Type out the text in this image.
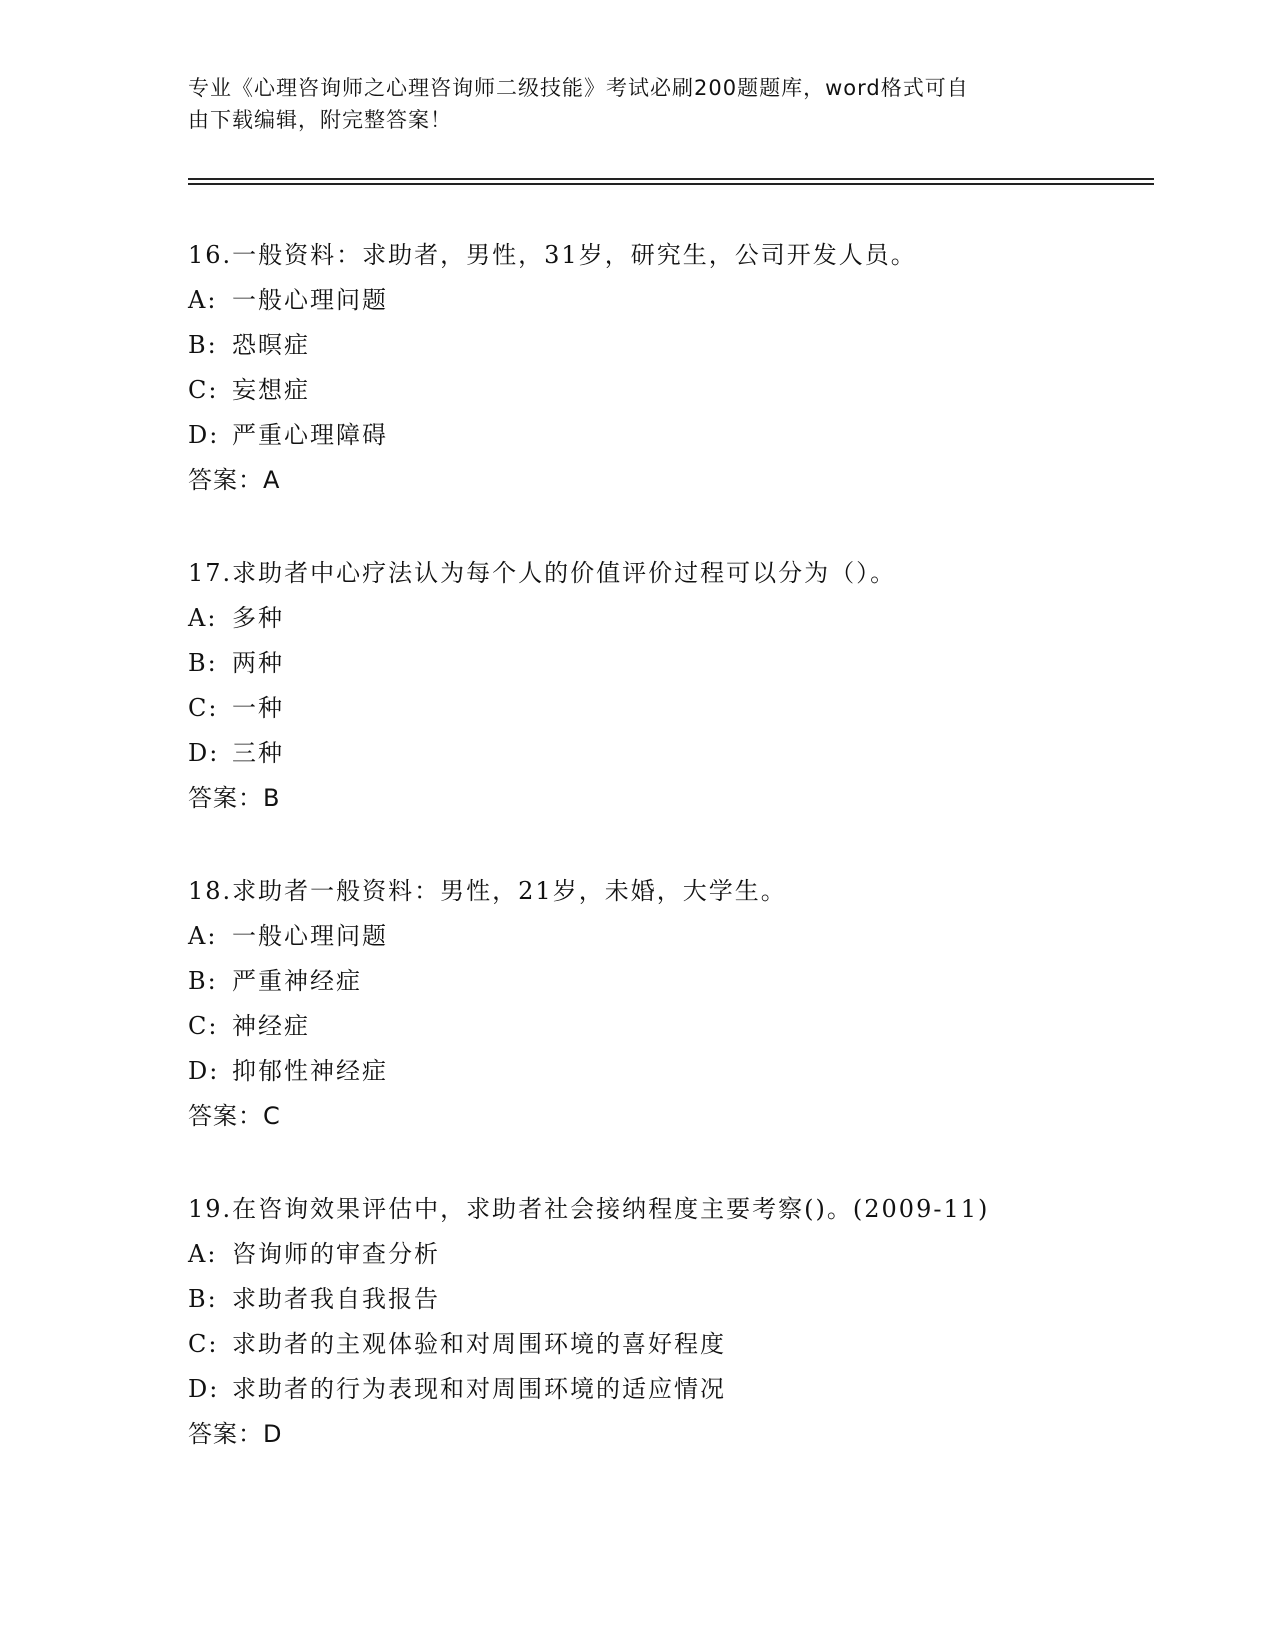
专业《心理咨询师之心理咨询师二级技能》考试必刷200题题库，word格式可自
由下载编辑，附完整答案！
16.一般资料：求助者，男性，31岁，研究生，公司开发人员。
A: 一般心理问题
B: 恐暝症
C: 妄想症
D: 严重心理障碍
答案：A
17.求助者中心疗法认为每个人的价值评价过程可以分为（）。
A: 多种
B: 两种
C: 一种
D: 三种
答案：B
18.求助者一般资料：男性，21岁，未婚，大学生。
A: 一般心理问题
B: 严重神经症
C: 神经症
D: 抑郁性神经症
答案：C
19.在咨询效果评估中，求助者社会接纳程度主要考察()。(2009-11)
A: 咨询师的审查分析
B: 求助者我自我报告
C: 求助者的主观体验和对周围环境的喜好程度
D: 求助者的行为表现和对周围环境的适应情况
答案：D
